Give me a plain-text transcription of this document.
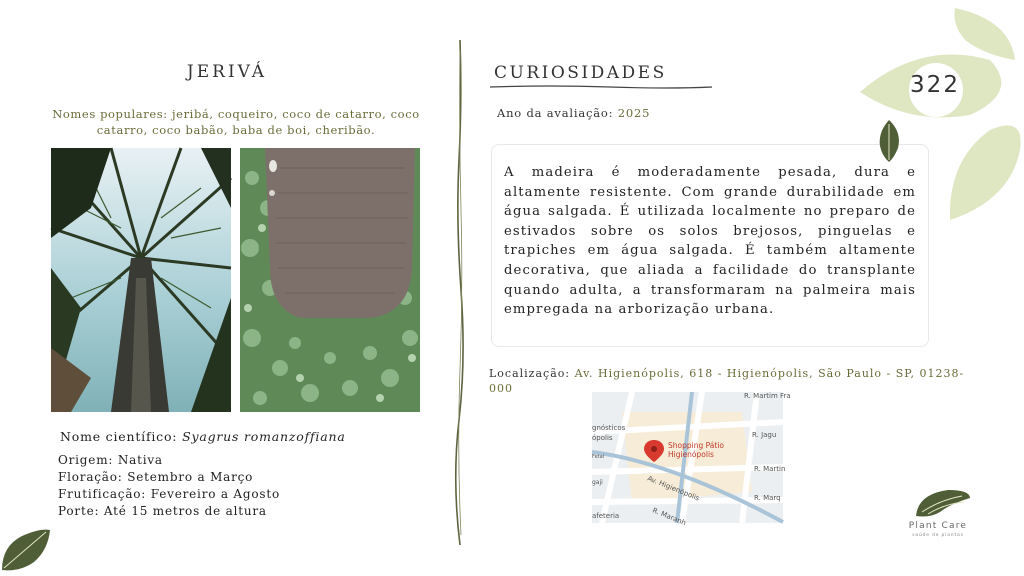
JERIVÁ
Nomes populares: jeribá, coqueiro, coco de catarro, coco catarro, coco babão, baba de boi, cheribão.
Nome científico: Syagrus romanzoffiana
Origem: Nativa
Floração: Setembro a Março
Frutificação: Fevereiro a Agosto
Porte: Até 15 metros de altura
CURIOSIDADES
Ano da avaliação: 2025

A madeira é moderadamente pesada, dura e altamente resistente. Com grande durabilidade em água salgada. É utilizada localmente no preparo de estivados sobre os solos brejosos, pinguelas e trapiches em água salgada. É também altamente decorativa, que aliada a facilidade do transplante quando adulta, a transformaram na palmeira mais empregada na arborização urbana.

Localização: Av. Higienópolis, 618 - Higienópolis, São Paulo - SP, 01238-000
R. Martim Fra
R. Jagu
R. Martin
Av. Higienópolis	R. Marq
R. Maranh
gnósticos
ópolis
afeteria
Fetal
gaji
Shopping Pátio
Higienópolis
322
Plant Care
saúde de plantas
